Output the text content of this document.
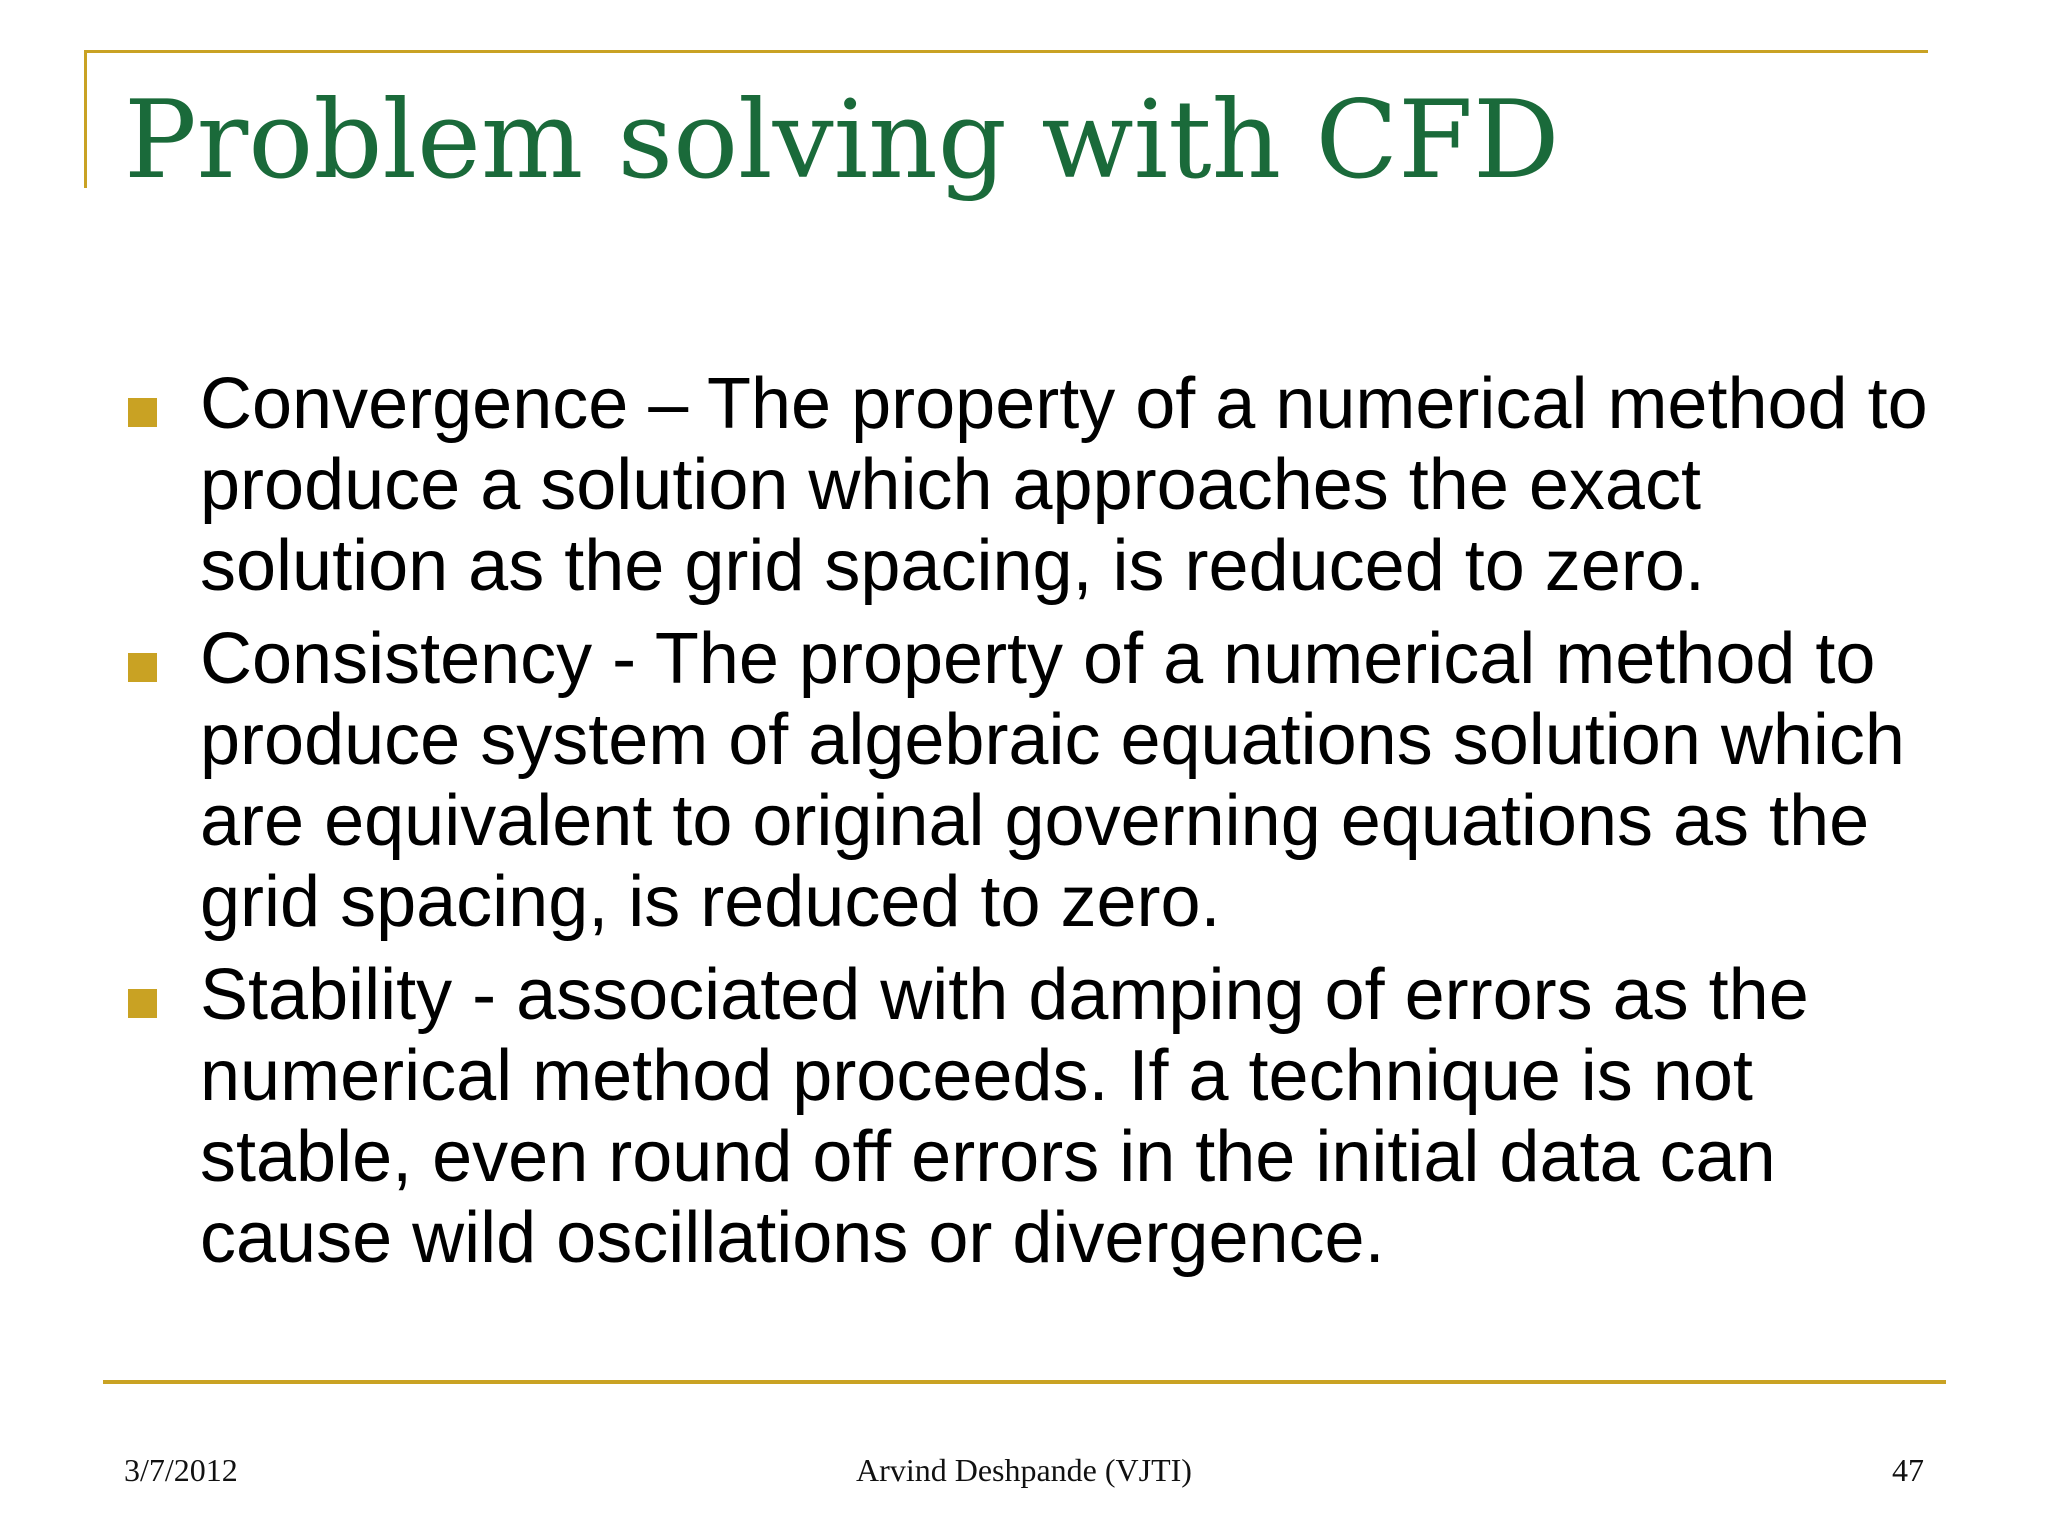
Problem solving with CFD
Convergence – The property of a numerical method to produce a solution which approaches the exact solution as the grid spacing, is reduced to zero.
Consistency - The property of a numerical method to produce system of algebraic equations solution which are equivalent to original governing equations as the grid spacing, is reduced to zero.
Stability - associated with damping of errors as the numerical method proceeds. If a technique is not stable, even round off errors in the initial data can cause wild oscillations or divergence.
3/7/2012	Arvind Deshpande (VJTI)	47
